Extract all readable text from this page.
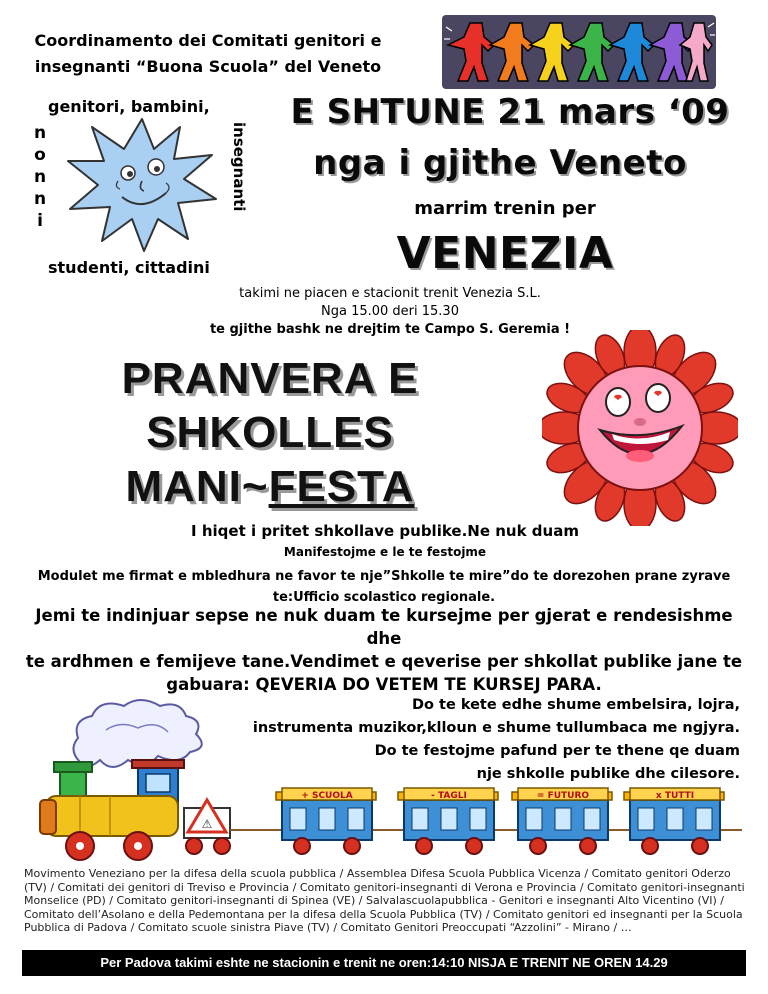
Coordinamento dei Comitati genitori e
insegnanti “Buona Scuola” del Veneto
genitori, bambini,
n
o
n
n
i
insegnanti
studenti, cittadini
E SHTUNE 21 mars ‘09
nga i gjithe Veneto
marrim trenin per
VENEZIA
takimi ne piacen e stacionit trenit Venezia S.L.
Nga 15.00 deri 15.30
te gjithe bashk ne drejtim te Campo S. Geremia !
PRANVERA E
SHKOLLES
MANI~FESTA
I hiqet i pritet shkollave publike.Ne nuk duam
Manifestojme e le te festojme
Modulet me firmat e mbledhura ne favor te nje”Shkolle te mire”do te dorezohen prane zyrave
te:Ufficio scolastico regionale.
Jemi te indinjuar sepse ne nuk duam te kursejme per gjerat e rendesishme dhe
te ardhmen e femijeve tane.Vendimet e qeverise per shkollat publike jane te
gabuara: QEVERIA DO VETEM TE KURSEJ PARA.
Do te kete edhe shume embelsira, lojra,
instrumenta muzikor,klloun e shume tullumbaca me ngjyra.
Do te festojme pafund per te thene qe duam
nje shkolle publike dhe cilesore.
⚠
+ SCUOLA	- TAGLI	= FUTURO	x TUTTI
Movimento Veneziano per la difesa della scuola pubblica / Assemblea Difesa Scuola Pubblica Vicenza / Comitato genitori Oderzo (TV) / Comitati dei genitori di Treviso e Provincia / Comitato genitori-insegnanti di Verona e Provincia / Comitato genitori-insegnanti Monselice (PD) / Comitato genitori-insegnanti di Spinea (VE) / Salvalascuolapubblica - Genitori e insegnanti Alto Vicentino (VI) / Comitato dell’Asolano e della Pedemontana per la difesa della Scuola Pubblica (TV) / Comitato genitori ed insegnanti per la Scuola Pubblica di Padova / Comitato scuole sinistra Piave (TV) / Comitato Genitori Preoccupati “Azzolini” - Mirano / …
Per Padova takimi eshte ne stacionin e trenit ne oren:14:10 NISJA E TRENIT NE OREN 14.29
